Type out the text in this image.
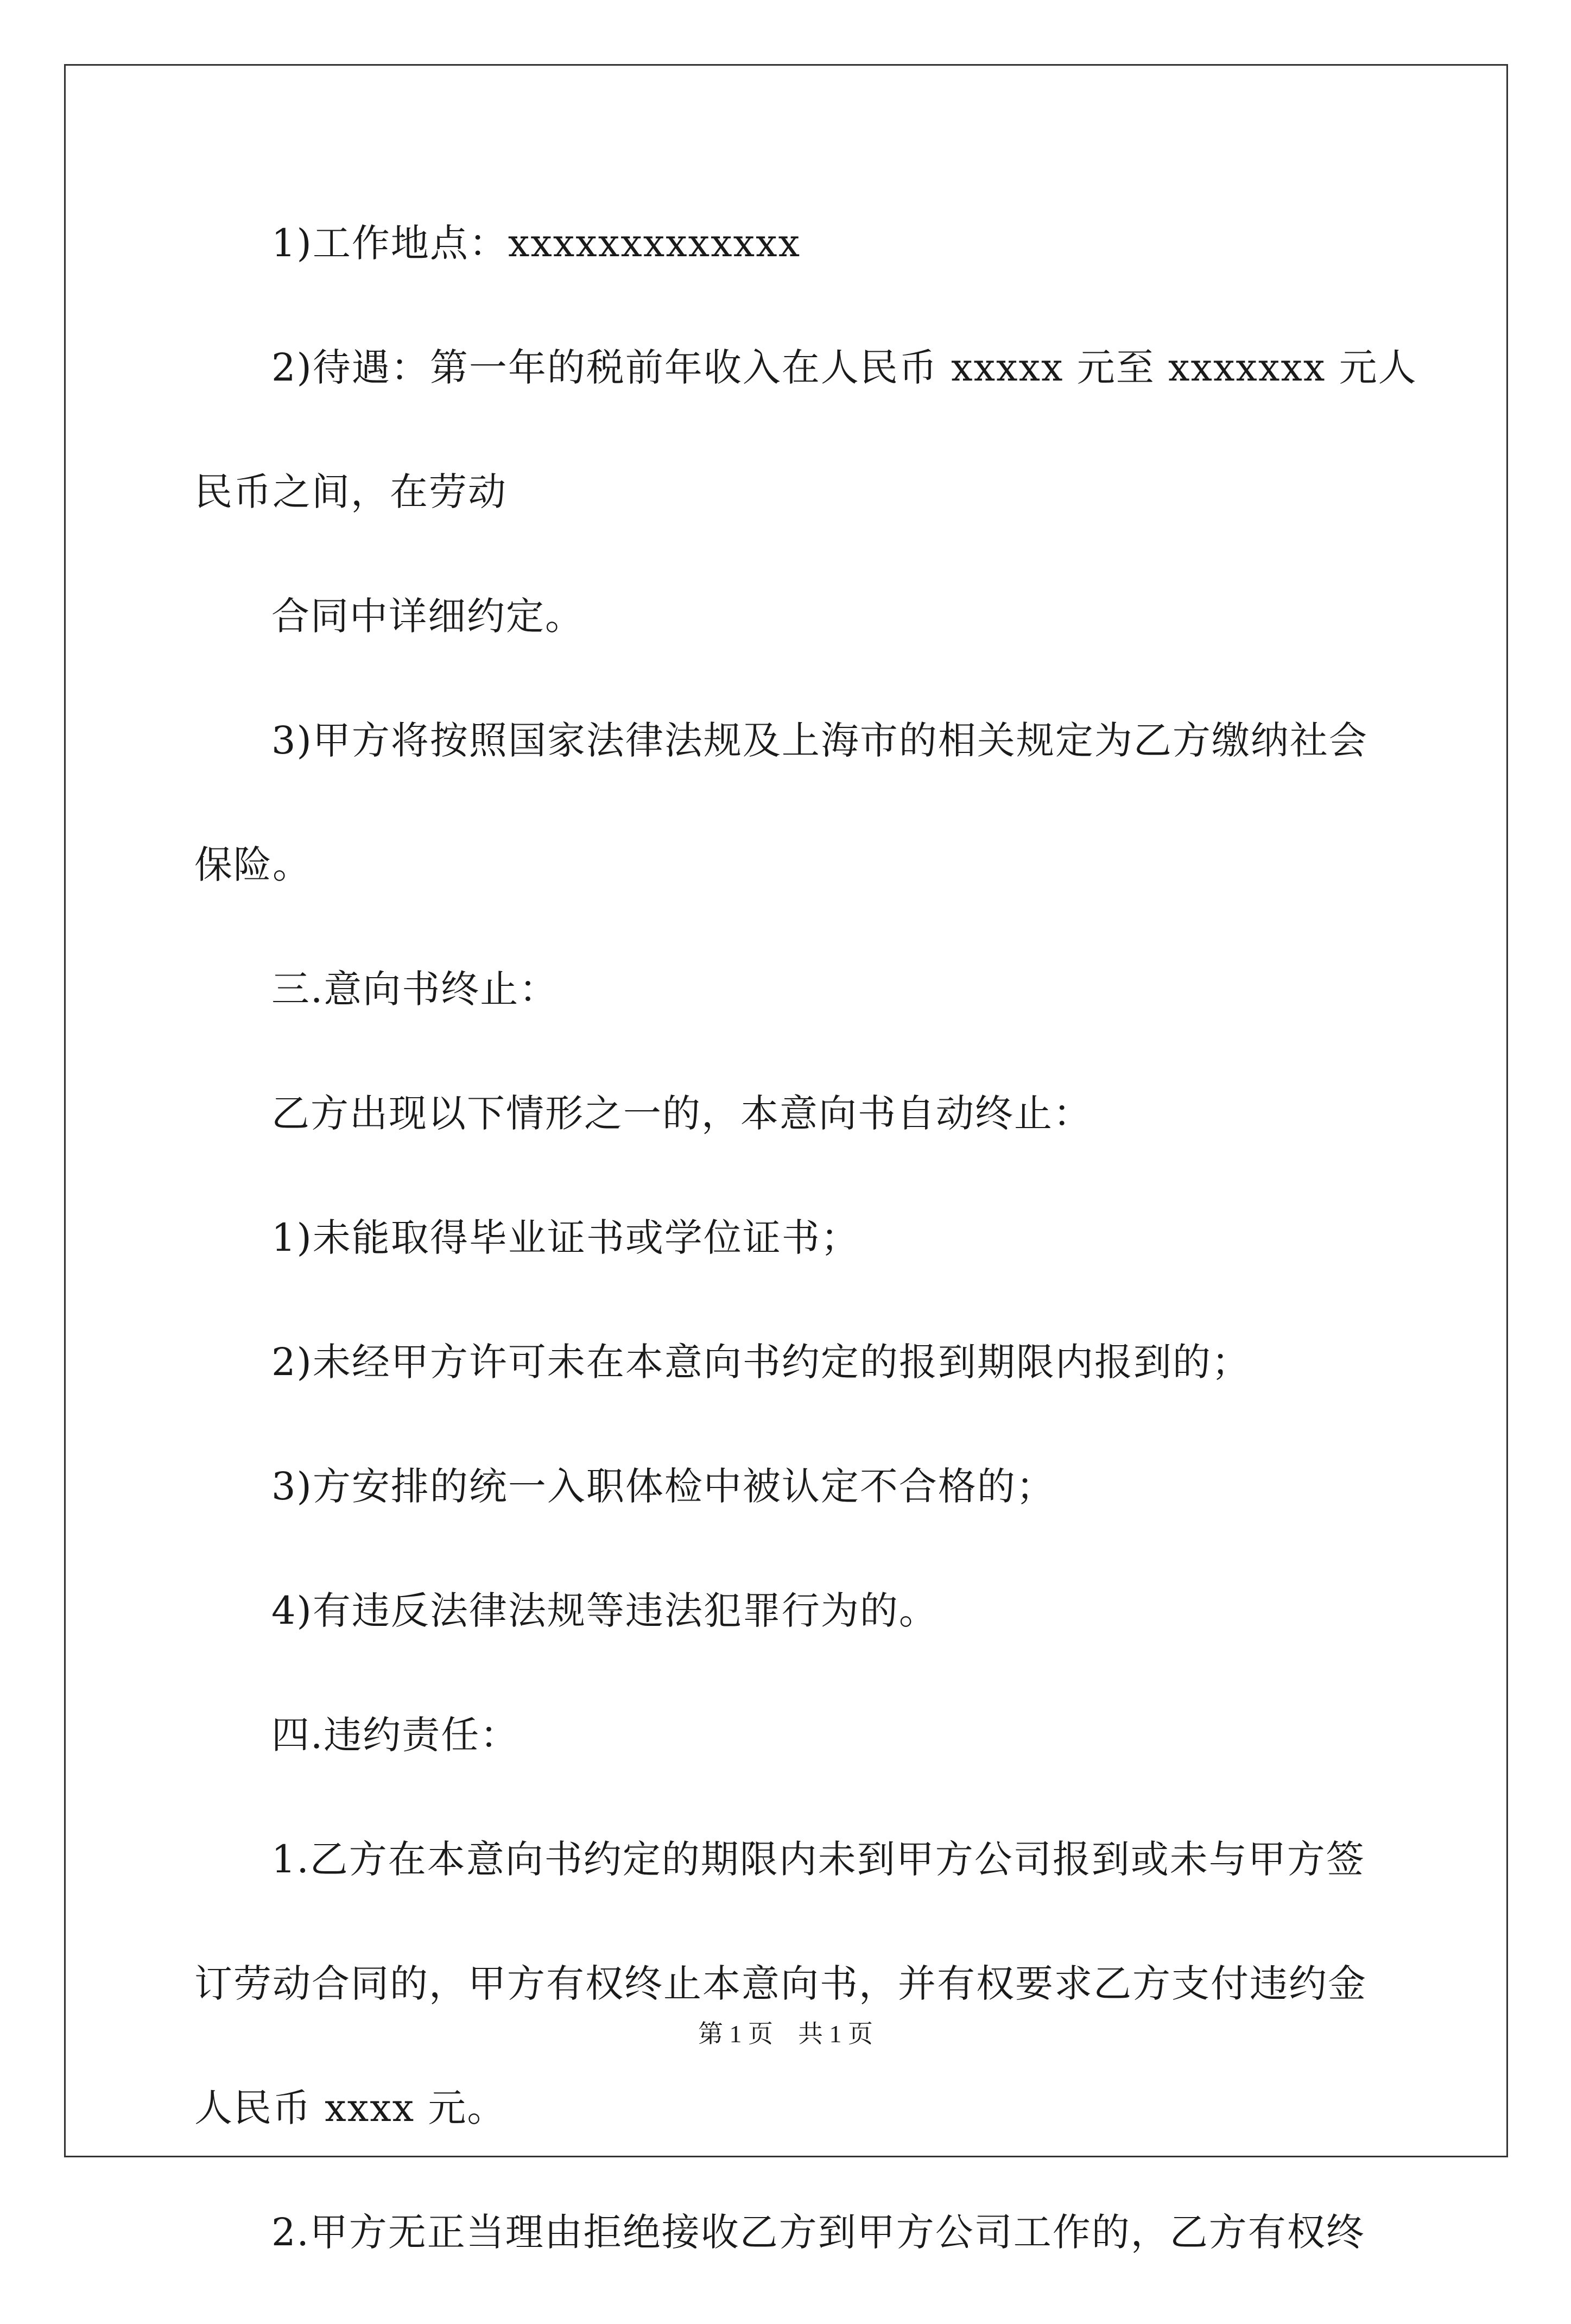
1)工作地点：xxxxxxxxxxxxx
2)待遇：第一年的税前年收入在人民币 xxxxx 元至 xxxxxxx 元人
民币之间，在劳动
合同中详细约定。
3)甲方将按照国家法律法规及上海市的相关规定为乙方缴纳社会
保险。
三.意向书终止：
乙方出现以下情形之一的，本意向书自动终止：
1)未能取得毕业证书或学位证书；
2)未经甲方许可未在本意向书约定的报到期限内报到的；
3)方安排的统一入职体检中被认定不合格的；
4)有违反法律法规等违法犯罪行为的。
四.违约责任：
1.乙方在本意向书约定的期限内未到甲方公司报到或未与甲方签
订劳动合同的，甲方有权终止本意向书，并有权要求乙方支付违约金
人民币 xxxx 元。
2.甲方无正当理由拒绝接收乙方到甲方公司工作的，乙方有权终
第 1 页 共 1 页
